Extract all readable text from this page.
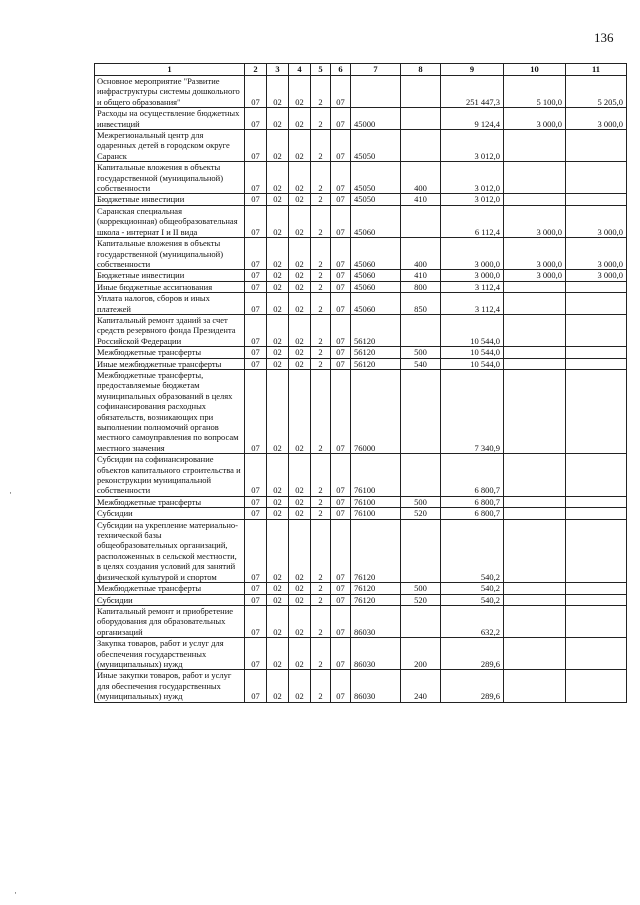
136
1	2	3	4	5	6	7	8	9	10	11
Основное мероприятие "Развитие инфраструктуры системы дошкольного и общего образования"	07	02	02	2	07			251 447,3	5 100,0	5 205,0
Расходы на осуществление бюджетных инвестиций	07	02	02	2	07	45000		9 124,4	3 000,0	3 000,0
Межрегиональный центр для одаренных детей в городском округе Саранск	07	02	02	2	07	45050		3 012,0		
Капитальные вложения в объекты государственной (муниципальной) собственности	07	02	02	2	07	45050	400	3 012,0		
Бюджетные инвестиции	07	02	02	2	07	45050	410	3 012,0		
Саранская специальная (коррекционная) общеобразовательная школа - интернат I и II вида	07	02	02	2	07	45060		6 112,4	3 000,0	3 000,0
Капитальные вложения в объекты государственной (муниципальной) собственности	07	02	02	2	07	45060	400	3 000,0	3 000,0	3 000,0
Бюджетные инвестиции	07	02	02	2	07	45060	410	3 000,0	3 000,0	3 000,0
Иные бюджетные ассигнования	07	02	02	2	07	45060	800	3 112,4		
Уплата налогов, сборов и иных платежей	07	02	02	2	07	45060	850	3 112,4		
Капитальный ремонт зданий за счет средств резервного фонда Президента Российской Федерации	07	02	02	2	07	56120		10 544,0		
Межбюджетные трансферты	07	02	02	2	07	56120	500	10 544,0		
Иные межбюджетные трансферты	07	02	02	2	07	56120	540	10 544,0		
Межбюджетные трансферты, предоставляемые бюджетам муниципальных образований в целях софинансирования расходных обязательств, возникающих при выполнении полномочий органов местного самоуправления по вопросам местного значения	07	02	02	2	07	76000		7 340,9		
Субсидии на софинансирование объектов капитального строительства и реконструкции муниципальной собственности	07	02	02	2	07	76100		6 800,7		
Межбюджетные трансферты	07	02	02	2	07	76100	500	6 800,7		
Субсидии	07	02	02	2	07	76100	520	6 800,7		
Субсидии на укрепление материально-технической базы общеобразовательных организаций, расположенных в сельской местности, в целях создания условий для занятий физической культурой и спортом	07	02	02	2	07	76120		540,2		
Межбюджетные трансферты	07	02	02	2	07	76120	500	540,2		
Субсидии	07	02	02	2	07	76120	520	540,2		
Капитальный ремонт и приобретение оборудования для образовательных организаций	07	02	02	2	07	86030		632,2		
Закупка товаров, работ и услуг для обеспечения государственных (муниципальных) нужд	07	02	02	2	07	86030	200	289,6		
Иные закупки товаров, работ и услуг для обеспечения государственных (муниципальных) нужд	07	02	02	2	07	86030	240	289,6		
·
·
